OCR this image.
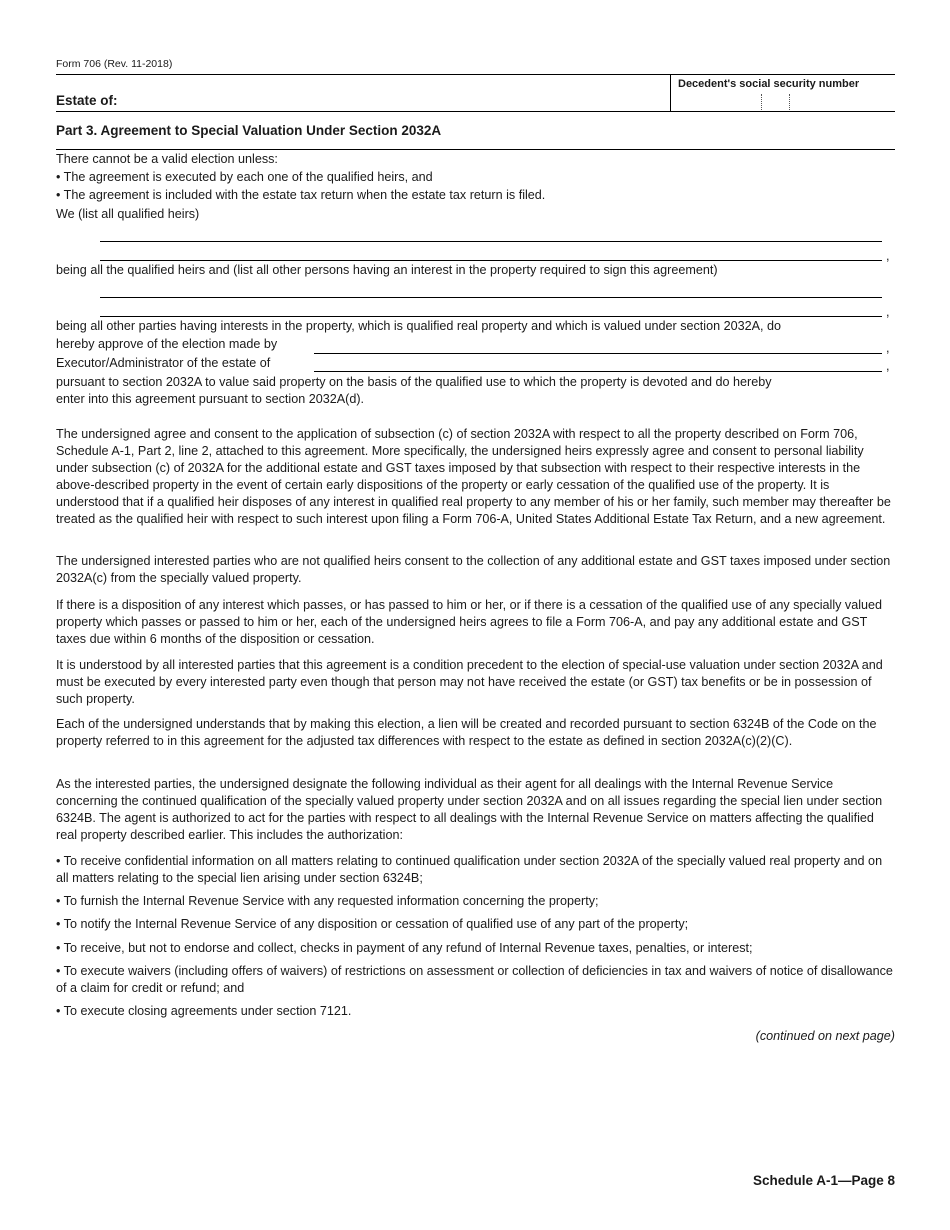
Form 706 (Rev. 11-2018)
Estate of:
Decedent's social security number
Part 3. Agreement to Special Valuation Under Section 2032A
There cannot be a valid election unless:
• The agreement is executed by each one of the qualified heirs, and
• The agreement is included with the estate tax return when the estate tax return is filed.
We (list all qualified heirs)
,
being all the qualified heirs and (list all other persons having an interest in the property required to sign this agreement)
,
being all other parties having interests in the property, which is qualified real property and which is valued under section 2032A, do
hereby approve of the election made by	,
Executor/Administrator of the estate of	,
pursuant to section 2032A to value said property on the basis of the qualified use to which the property is devoted and do hereby
enter into this agreement pursuant to section 2032A(d).

The undersigned agree and consent to the application of subsection (c) of section 2032A with respect to all the property described on Form 706, Schedule A-1, Part 2, line 2, attached to this agreement. More specifically, the undersigned heirs expressly agree and consent to personal liability under subsection (c) of 2032A for the additional estate and GST taxes imposed by that subsection with respect to their respective interests in the above-described property in the event of certain early dispositions of the property or early cessation of the qualified use of the property. It is understood that if a qualified heir disposes of any interest in qualified real property to any member of his or her family, such member may thereafter be treated as the qualified heir with respect to such interest upon filing a Form 706-A, United States Additional Estate Tax Return, and a new agreement.

The undersigned interested parties who are not qualified heirs consent to the collection of any additional estate and GST taxes imposed under section 2032A(c) from the specially valued property.

If there is a disposition of any interest which passes, or has passed to him or her, or if there is a cessation of the qualified use of any specially valued property which passes or passed to him or her, each of the undersigned heirs agrees to file a Form 706-A, and pay any additional estate and GST taxes due within 6 months of the disposition or cessation.

It is understood by all interested parties that this agreement is a condition precedent to the election of special-use valuation under section 2032A and must be executed by every interested party even though that person may not have received the estate (or GST) tax benefits or be in possession of such property.

Each of the undersigned understands that by making this election, a lien will be created and recorded pursuant to section 6324B of the Code on the property referred to in this agreement for the adjusted tax differences with respect to the estate as defined in section 2032A(c)(2)(C).

As the interested parties, the undersigned designate the following individual as their agent for all dealings with the Internal Revenue Service concerning the continued qualification of the specially valued property under section 2032A and on all issues regarding the special lien under section 6324B. The agent is authorized to act for the parties with respect to all dealings with the Internal Revenue Service on matters affecting the qualified real property described earlier. This includes the authorization:

• To receive confidential information on all matters relating to continued qualification under section 2032A of the specially valued real property and on all matters relating to the special lien arising under section 6324B;

• To furnish the Internal Revenue Service with any requested information concerning the property;

• To notify the Internal Revenue Service of any disposition or cessation of qualified use of any part of the property;

• To receive, but not to endorse and collect, checks in payment of any refund of Internal Revenue taxes, penalties, or interest;

• To execute waivers (including offers of waivers) of restrictions on assessment or collection of deficiencies in tax and waivers of notice of disallowance of a claim for credit or refund; and

• To execute closing agreements under section 7121.

(continued on next page)
Schedule A-1—Page 8
